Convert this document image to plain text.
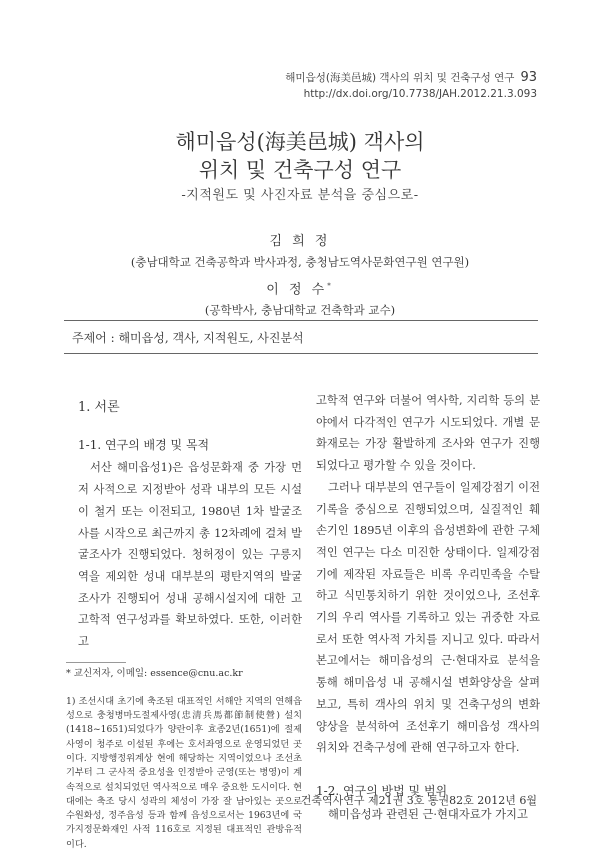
해미읍성(海美邑城) 객사의 위치 및 건축구성 연구 93
http://dx.doi.org/10.7738/JAH.2012.21.3.093
해미읍성(海美邑城) 객사의
위치 및 건축구성 연구
-지적원도 및 사진자료 분석을 중심으로-
김 희 정
(충남대학교 건축공학과 박사과정, 충청남도역사문화연구원 연구원)
이 정 수*
(공학박사, 충남대학교 건축학과 교수)
주제어 : 해미읍성, 객사, 지적원도, 사진분석
1. 서론
1-1. 연구의 배경 및 목적

서산 해미읍성1)은 읍성문화재 중 가장 먼저 사적으로 지정받아 성곽 내부의 모든 시설이 철거 또는 이전되고, 1980년 1차 발굴조사를 시작으로 최근까지 총 12차례에 걸쳐 발굴조사가 진행되었다. 청허정이 있는 구릉지역을 제외한 성내 대부분의 평탄지역의 발굴조사가 진행되어 성내 공해시설지에 대한 고고학적 연구성과를 확보하였다. 또한, 이러한 고

* 교신저자, 이메일: essence@cnu.ac.kr
1) 조선시대 초기에 축조된 대표적인 서해안 지역의 연해읍성으로 충청병마도절제사영(忠淸兵馬都節制使營) 설치(1418~1651)되었다가 양란이후 효종2년(1651)에 절제사영이 청주로 이설된 후에는 호서좌영으로 운영되었던 곳이다. 지방행정위계상 현에 해당하는 지역이었으나 조선초기부터 그 군사적 중요성을 인정받아 군영(또는 병영)이 계속적으로 설치되었던 역사적으로 매우 중요한 도시이다. 현대에는 축조 당시 성곽의 체성이 가장 잘 남아있는 곳으로 수원화성, 정주읍성 등과 함께 읍성으로서는 1963년에 국가지정문화재인 사적 116호로 지정된 대표적인 관방유적이다.

고학적 연구와 더불어 역사학, 지리학 등의 분야에서 다각적인 연구가 시도되었다. 개별 문화재로는 가장 활발하게 조사와 연구가 진행되었다고 평가할 수 있을 것이다.

그러나 대부분의 연구들이 일제강점기 이전 기록을 중심으로 진행되었으며, 실질적인 훼손기인 1895년 이후의 읍성변화에 관한 구체적인 연구는 다소 미진한 상태이다. 일제강점기에 제작된 자료들은 비록 우리민족을 수탈하고 식민통치하기 위한 것이었으나, 조선후기의 우리 역사를 기록하고 있는 귀중한 자료로서 또한 역사적 가치를 지니고 있다. 따라서 본고에서는 해미읍성의 근·현대자료 분석을 통해 해미읍성 내 공해시설 변화양상을 살펴보고, 특히 객사의 위치 및 건축구성의 변화 양상을 분석하여 조선후기 해미읍성 객사의 위치와 건축구성에 관해 연구하고자 한다.

1-2. 연구의 방법 및 범위

해미읍성과 관련된 근·현대자료가 가지고

건축역사연구 제21권 3호 통권82호 2012년 6월
